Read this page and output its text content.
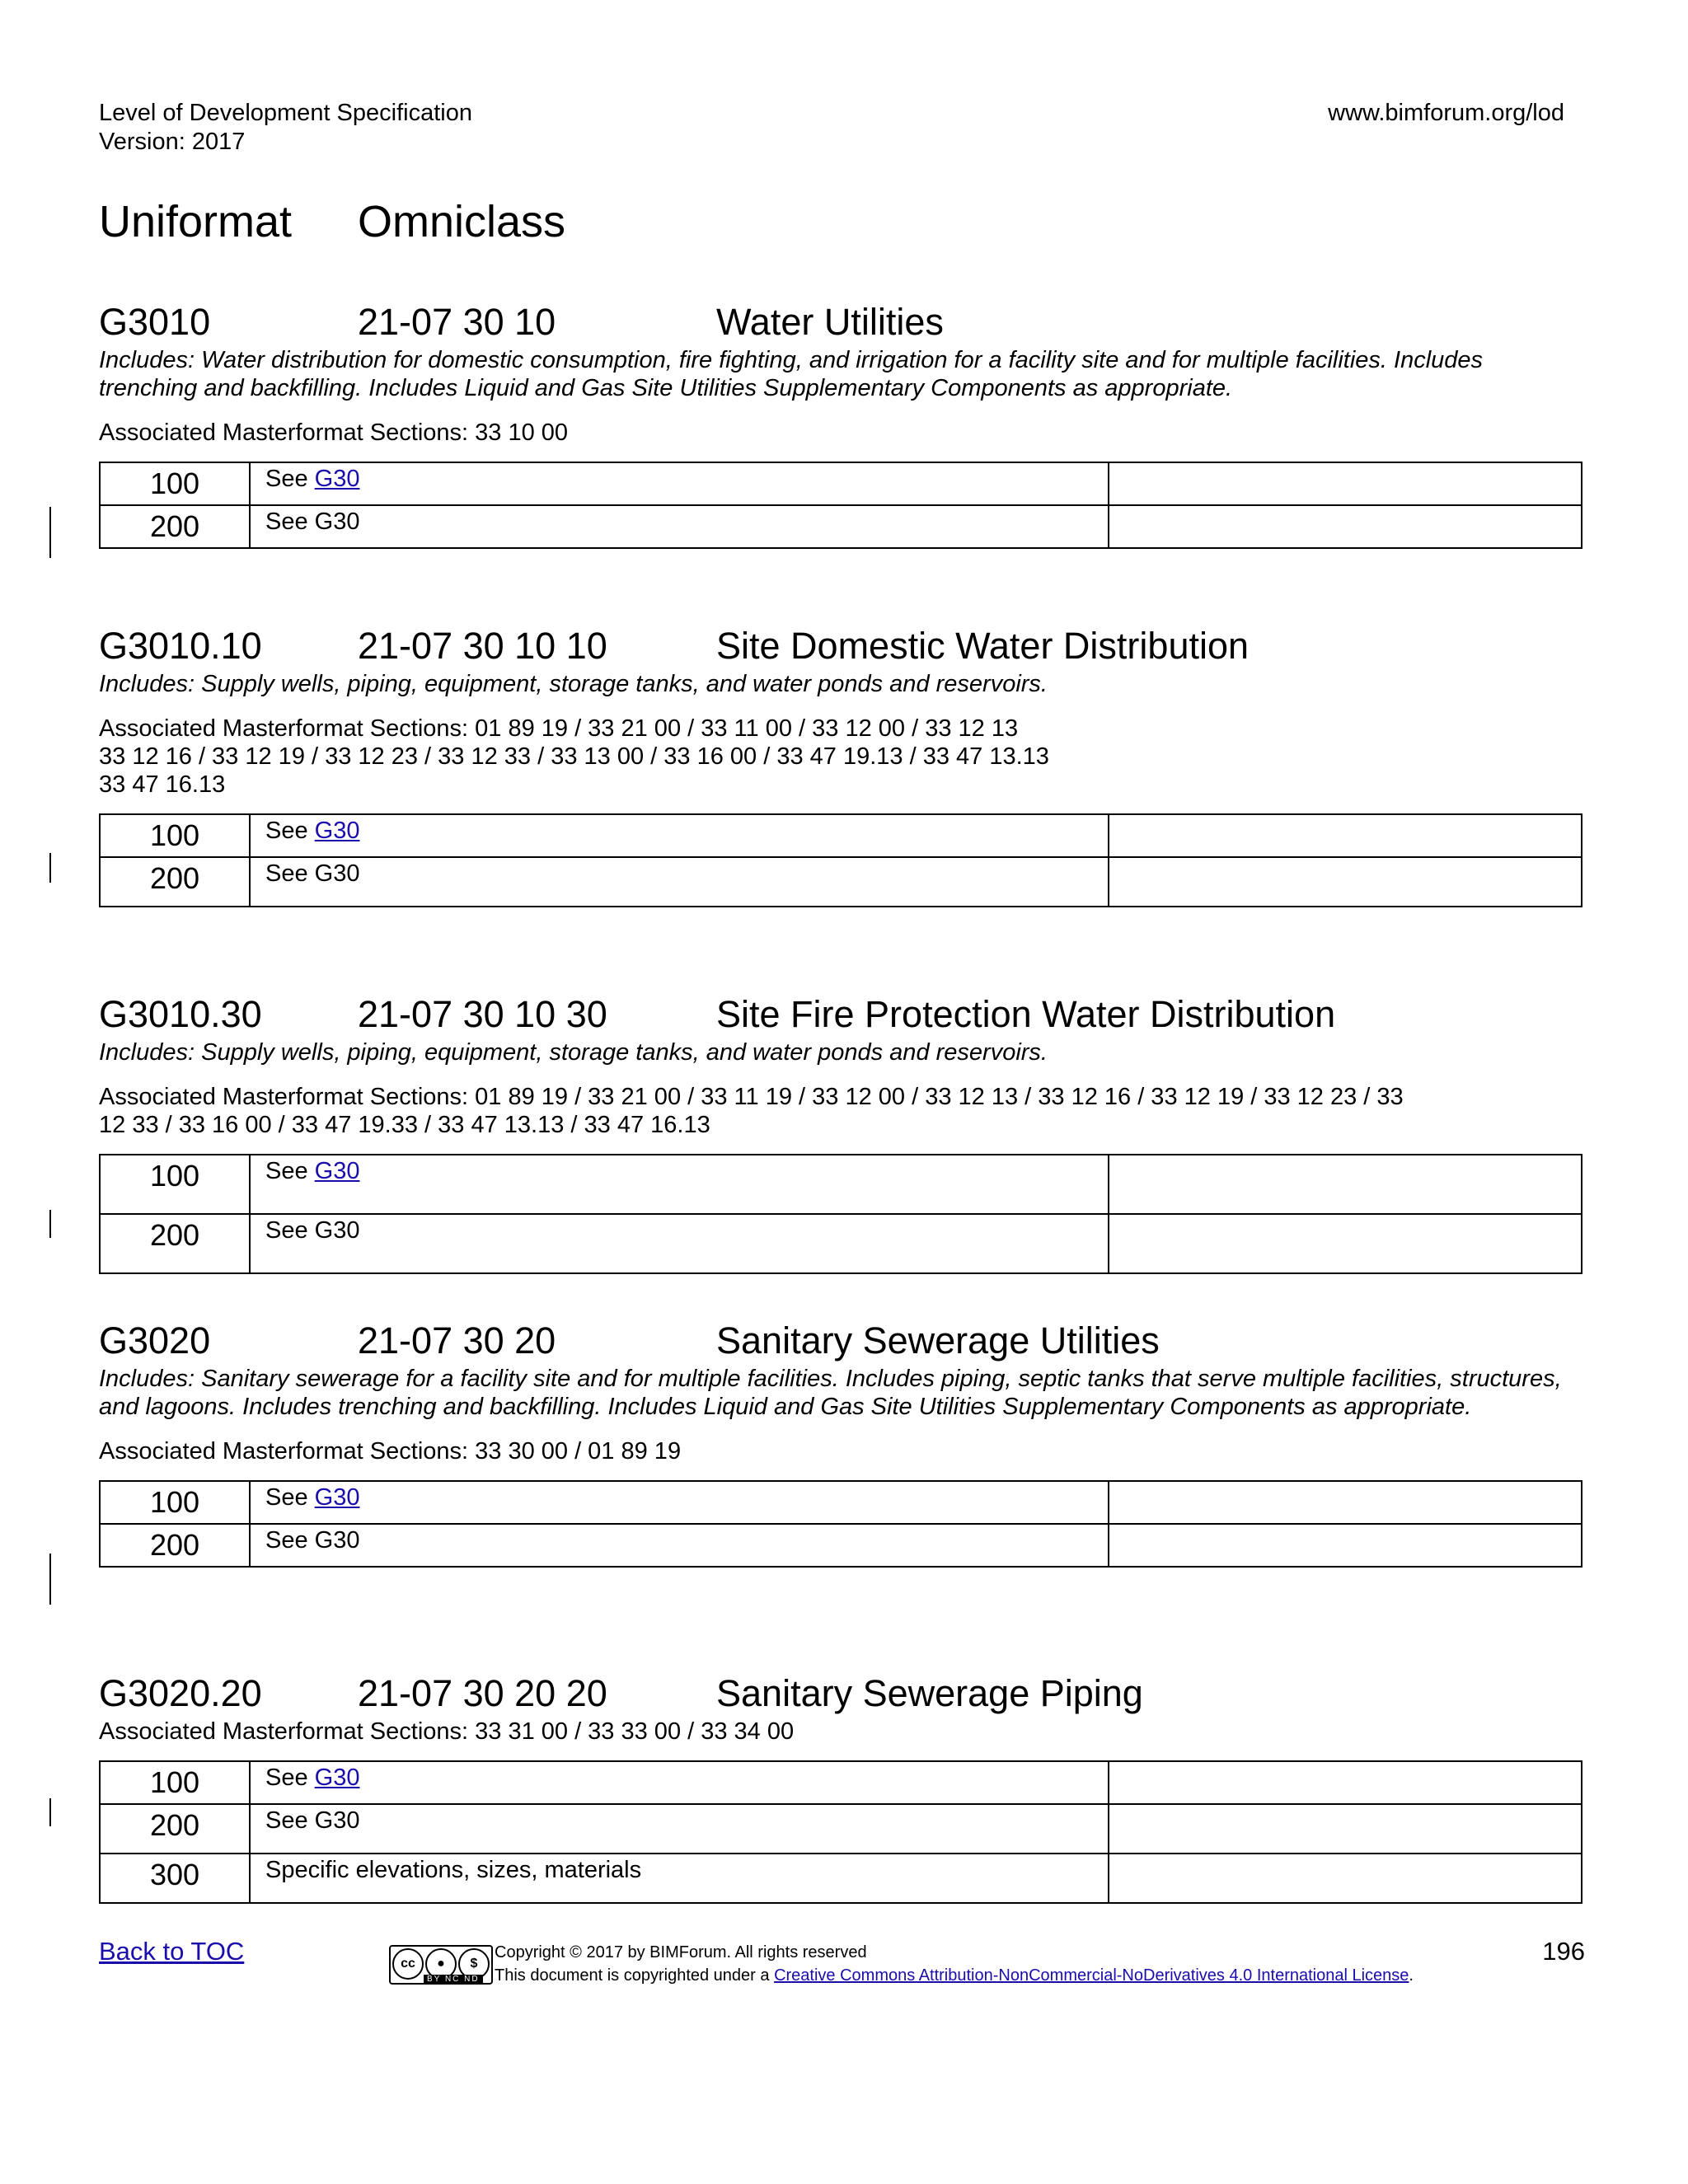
Level of Development Specification
Version: 2017
www.bimforum.org/lod
Uniformat Omniclass
G3010	21-07 30 10	Water Utilities

Includes: Water distribution for domestic consumption, fire fighting, and irrigation for a facility site and for multiple facilities. Includes trenching and backfilling. Includes Liquid and Gas Site Utilities Supplementary Components as appropriate.

Associated Masterformat Sections: 33 10 00

100	See G30	
200	See G30	
G3010.10	21-07 30 10 10	Site Domestic Water Distribution

Includes: Supply wells, piping, equipment, storage tanks, and water ponds and reservoirs.

Associated Masterformat Sections: 01 89 19 / 33 21 00 / 33 11 00 / 33 12 00 / 33 12 13

33 12 16 / 33 12 19 / 33 12 23 / 33 12 33 / 33 13 00 / 33 16 00 / 33 47 19.13 / 33 47 13.13

33 47 16.13

100	See G30	
200	See G30	
G3010.30	21-07 30 10 30	Site Fire Protection Water Distribution

Includes: Supply wells, piping, equipment, storage tanks, and water ponds and reservoirs.

Associated Masterformat Sections: 01 89 19 / 33 21 00 / 33 11 19 / 33 12 00 / 33 12 13 / 33 12 16 / 33 12 19 / 33 12 23 / 33

12 33 / 33 16 00 / 33 47 19.33 / 33 47 13.13 / 33 47 16.13

100	See G30	
200	See G30	
G3020	21-07 30 20	Sanitary Sewerage Utilities

Includes: Sanitary sewerage for a facility site and for multiple facilities. Includes piping, septic tanks that serve multiple facilities, structures, and lagoons. Includes trenching and backfilling. Includes Liquid and Gas Site Utilities Supplementary Components as appropriate.

Associated Masterformat Sections: 33 30 00 / 01 89 19

100	See G30	
200	See G30	
G3020.20	21-07 30 20 20	Sanitary Sewerage Piping

Associated Masterformat Sections: 33 31 00 / 33 33 00 / 33 34 00

100	See G30	
200	See G30	
300	Specific elevations, sizes, materials	
Back to TOC	cc	●	$
BY NC ND
Copyright © 2017 by BIMForum. All rights reserved
This document is copyrighted under a Creative Commons Attribution-NonCommercial-NoDerivatives 4.0 International License.
196
